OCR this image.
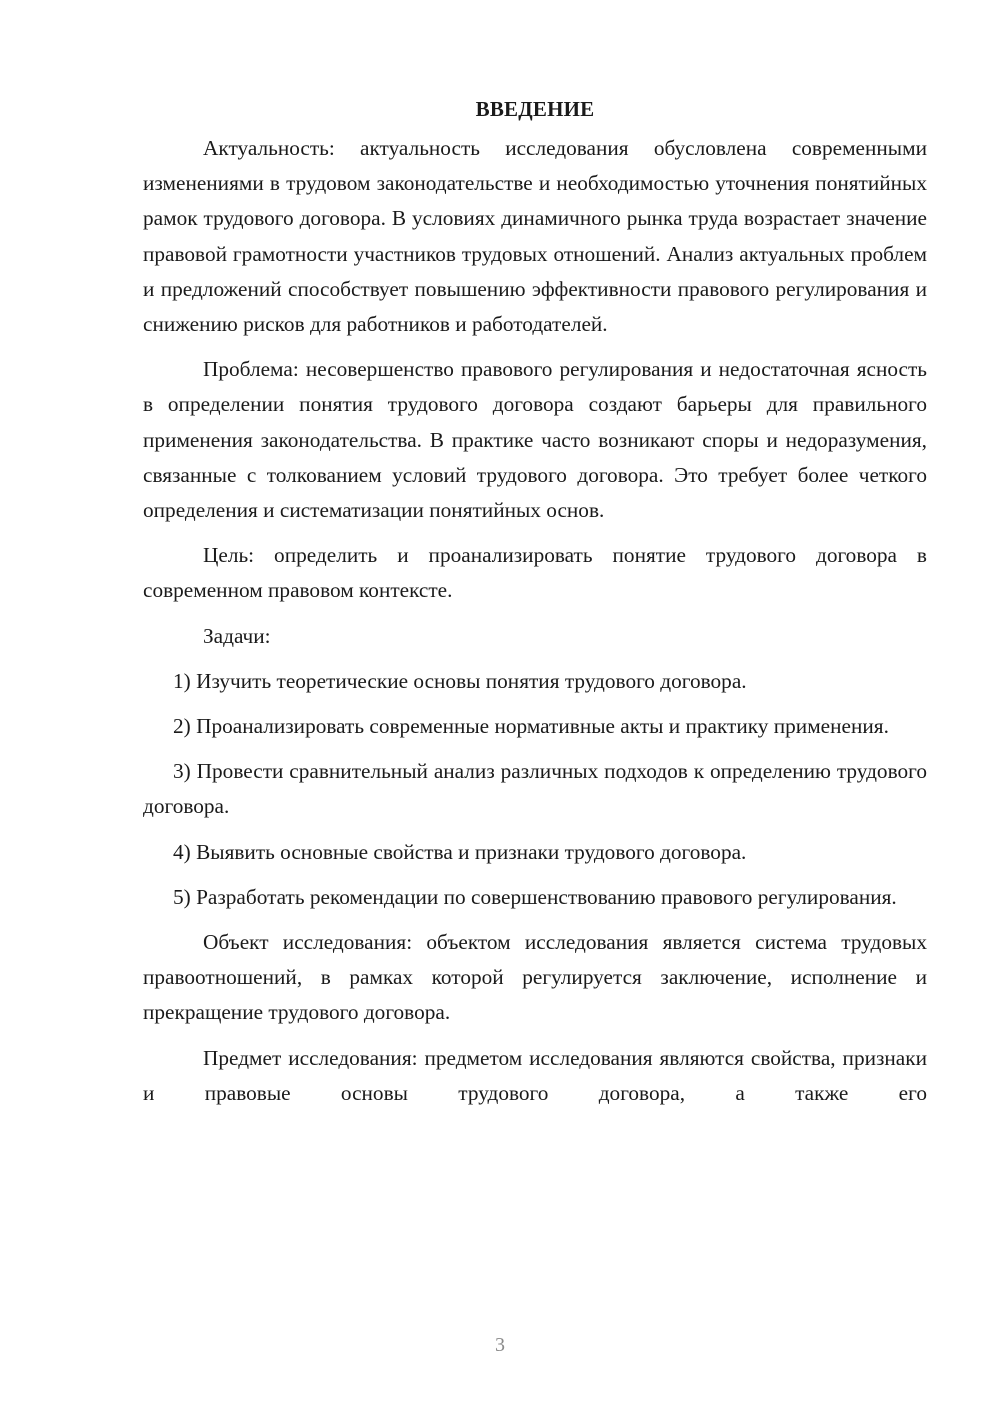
ВВЕДЕНИЕ

Актуальность: актуальность исследования обусловлена современными изменениями в трудовом законодательстве и необходимостью уточнения понятийных рамок трудового договора. В условиях динамичного рынка труда возрастает значение правовой грамотности участников трудовых отношений. Анализ актуальных проблем и предложений способствует повышению эффективности правового регулирования и снижению рисков для работников и работодателей.

Проблема: несовершенство правового регулирования и недостаточная ясность в определении понятия трудового договора создают барьеры для правильного применения законодательства. В практике часто возникают споры и недоразумения, связанные с толкованием условий трудового договора. Это требует более четкого определения и систематизации понятийных основ.

Цель: определить и проанализировать понятие трудового договора в современном правовом контексте.

Задачи:

1) Изучить теоретические основы понятия трудового договора.

2) Проанализировать современные нормативные акты и практику применения.

3) Провести сравнительный анализ различных подходов к определению трудового договора.

4) Выявить основные свойства и признаки трудового договора.

5) Разработать рекомендации по совершенствованию правового регулирования.

Объект исследования: объектом исследования является система трудовых правоотношений, в рамках которой регулируется заключение, исполнение и прекращение трудового договора.

Предмет исследования: предметом исследования являются свойства, признаки и правовые основы трудового договора, а также его

3
